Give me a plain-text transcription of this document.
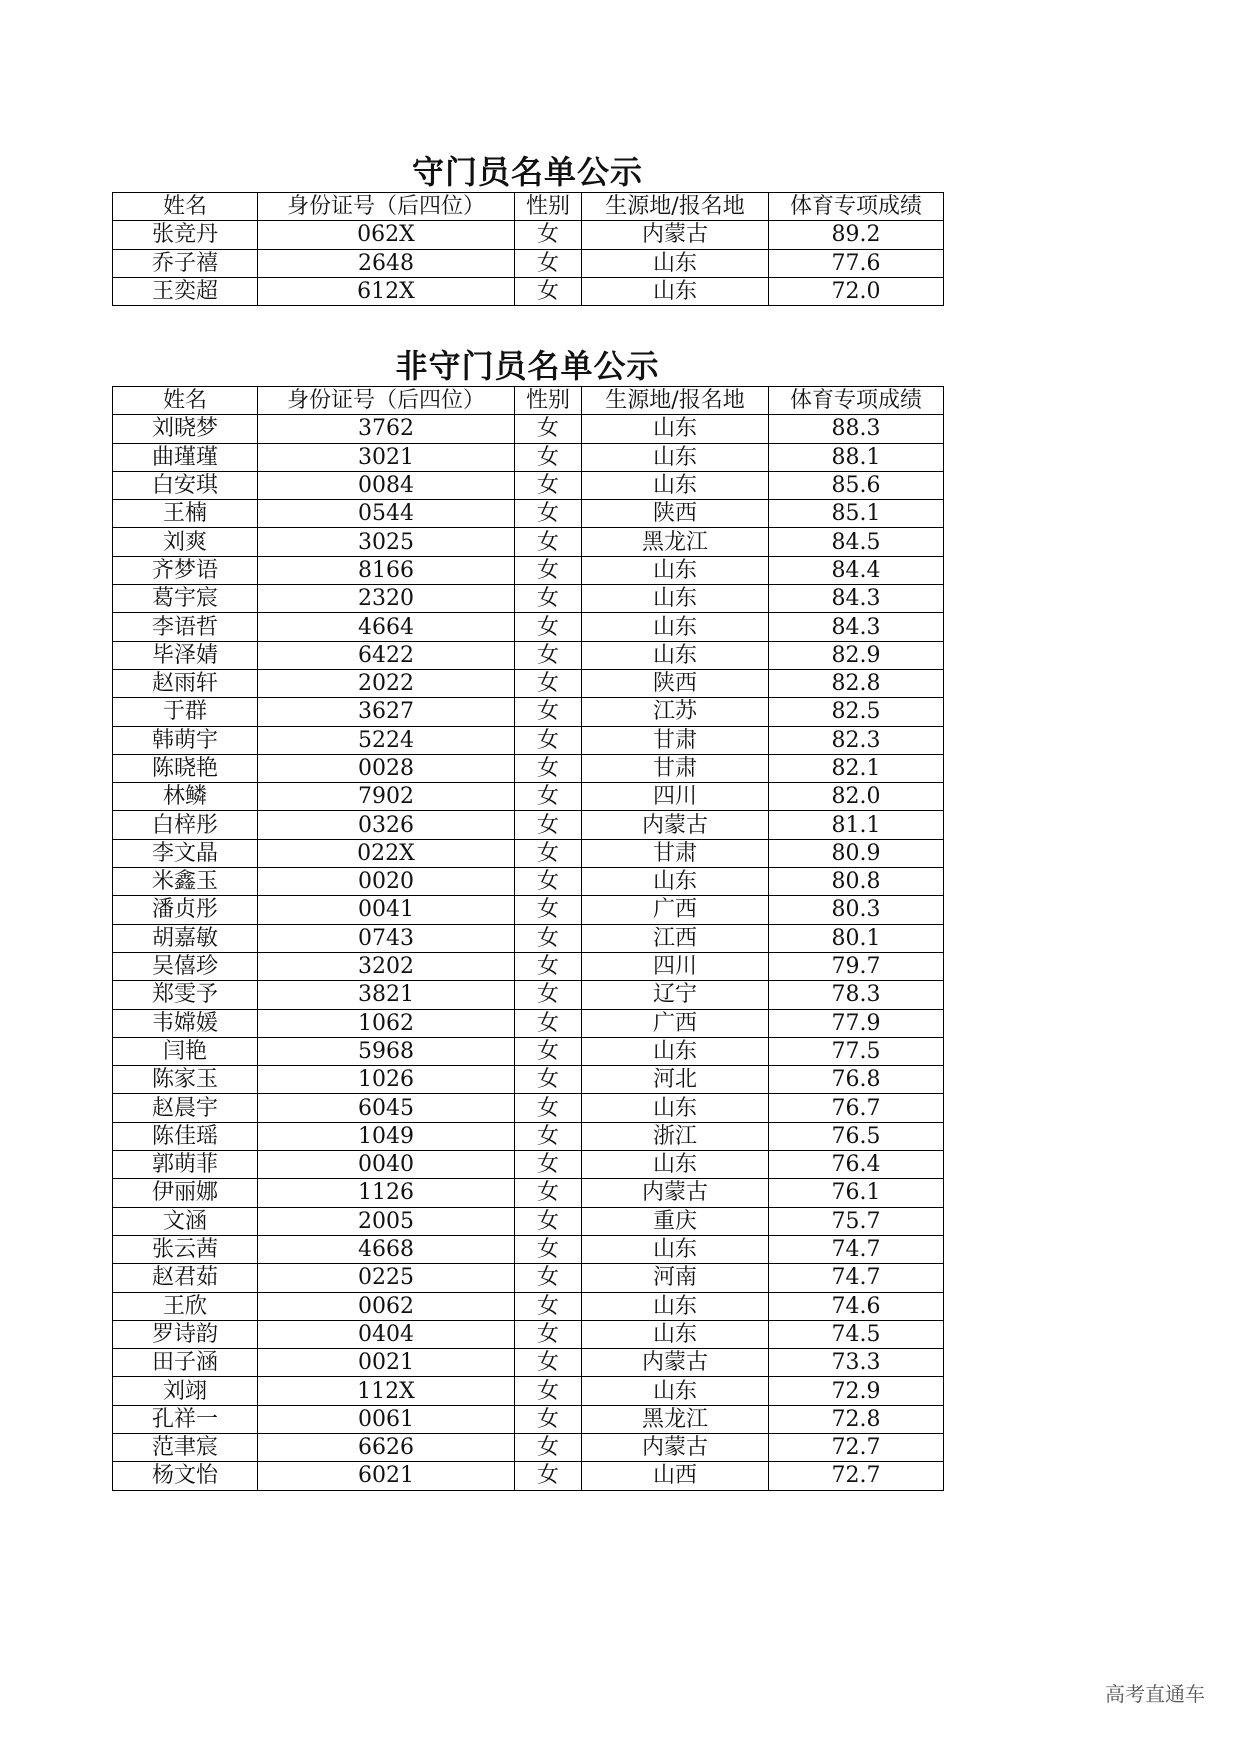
守门员名单公示
姓名	身份证号（后四位）	性别	生源地/报名地	体育专项成绩
张竞丹	062X	女	内蒙古	89.2
乔子禧	2648	女	山东	77.6
王奕超	612X	女	山东	72.0
非守门员名单公示
姓名	身份证号（后四位）	性别	生源地/报名地	体育专项成绩
刘晓梦	3762	女	山东	88.3
曲瑾瑾	3021	女	山东	88.1
白安琪	0084	女	山东	85.6
王楠	0544	女	陕西	85.1
刘爽	3025	女	黑龙江	84.5
齐梦语	8166	女	山东	84.4
葛宇宸	2320	女	山东	84.3
李语哲	4664	女	山东	84.3
毕泽婧	6422	女	山东	82.9
赵雨轩	2022	女	陕西	82.8
于群	3627	女	江苏	82.5
韩萌宇	5224	女	甘肃	82.3
陈晓艳	0028	女	甘肃	82.1
林鳞	7902	女	四川	82.0
白梓彤	0326	女	内蒙古	81.1
李文晶	022X	女	甘肃	80.9
米鑫玉	0020	女	山东	80.8
潘贞彤	0041	女	广西	80.3
胡嘉敏	0743	女	江西	80.1
吴僖珍	3202	女	四川	79.7
郑雯予	3821	女	辽宁	78.3
韦嫦媛	1062	女	广西	77.9
闫艳	5968	女	山东	77.5
陈家玉	1026	女	河北	76.8
赵晨宇	6045	女	山东	76.7
陈佳瑶	1049	女	浙江	76.5
郭萌菲	0040	女	山东	76.4
伊丽娜	1126	女	内蒙古	76.1
文涵	2005	女	重庆	75.7
张云茜	4668	女	山东	74.7
赵君茹	0225	女	河南	74.7
王欣	0062	女	山东	74.6
罗诗韵	0404	女	山东	74.5
田子涵	0021	女	内蒙古	73.3
刘翊	112X	女	山东	72.9
孔祥一	0061	女	黑龙江	72.8
范聿宸	6626	女	内蒙古	72.7
杨文怡	6021	女	山西	72.7
高考直通车
